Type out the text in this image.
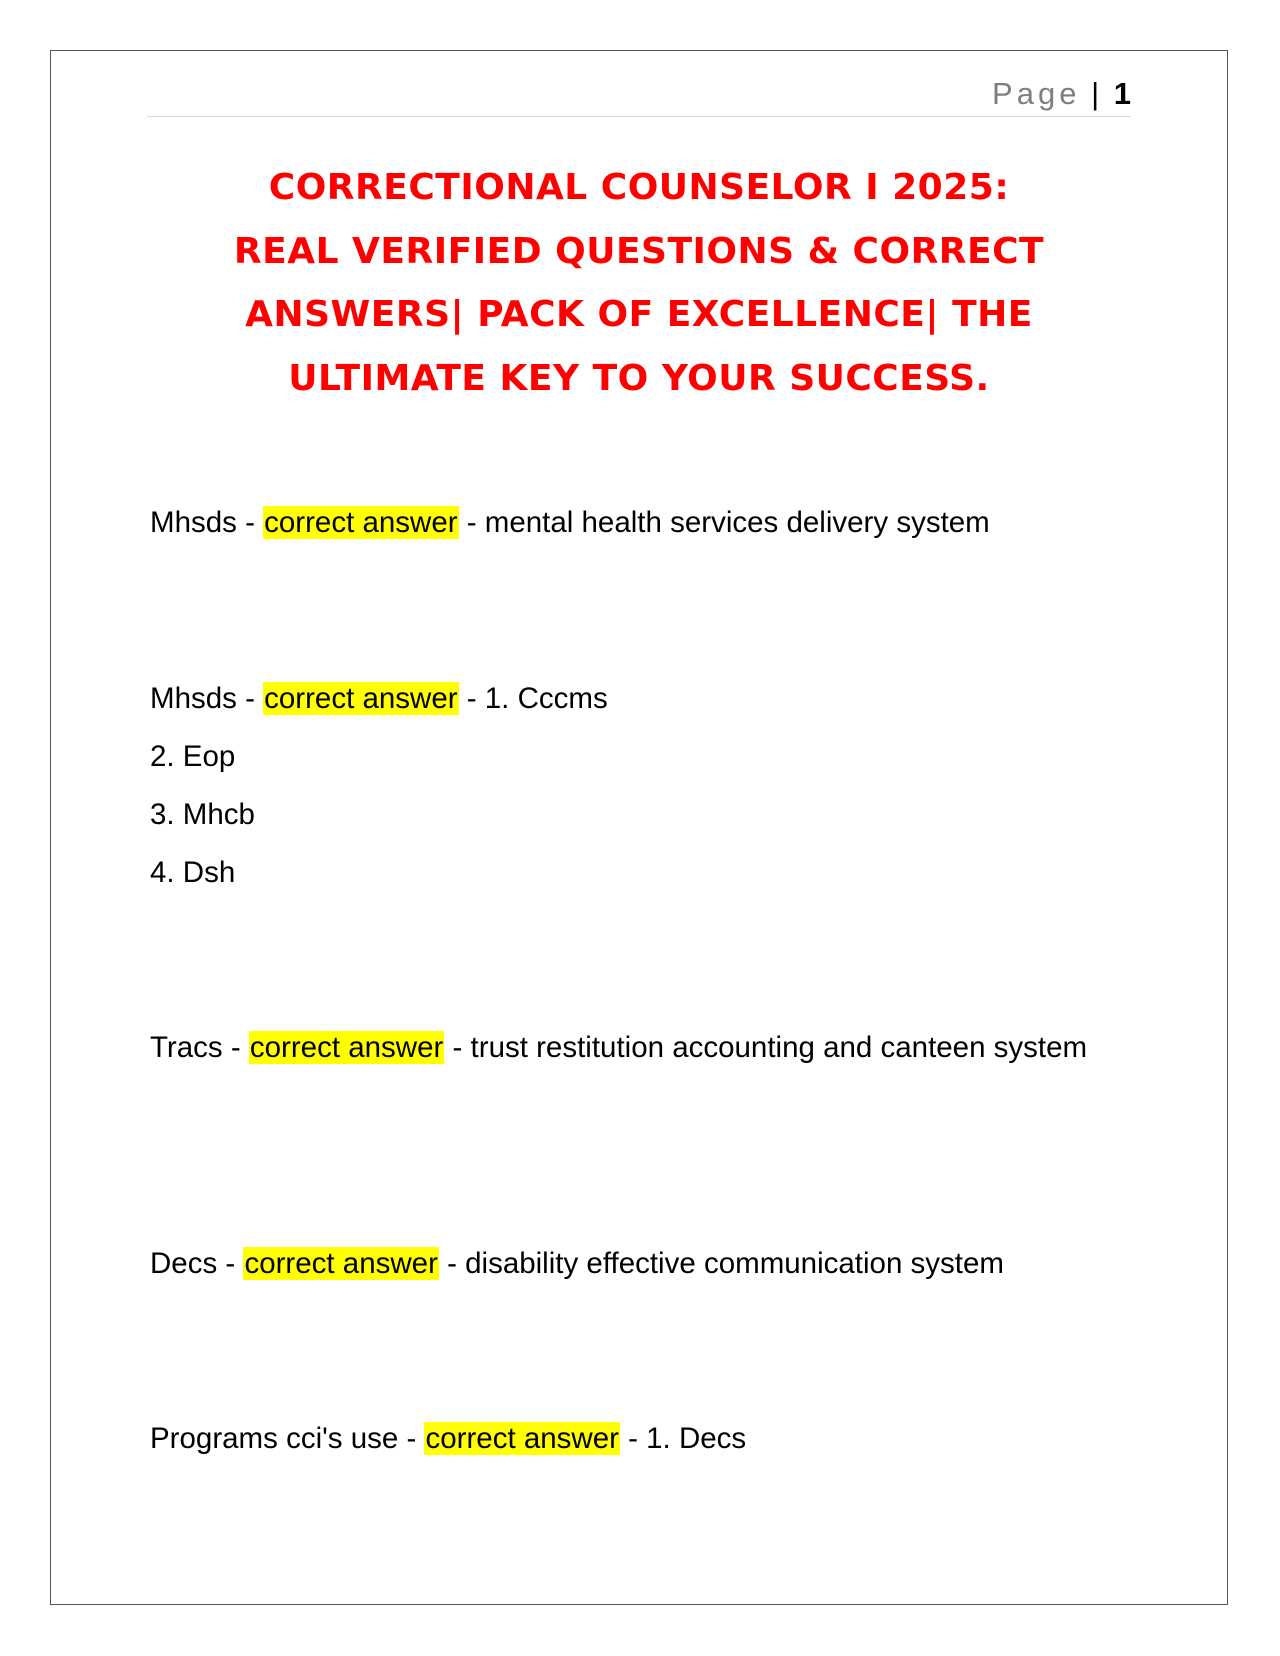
Page | 1
CORRECTIONAL COUNSELOR I 2025:
REAL VERIFIED QUESTIONS & CORRECT
ANSWERS| PACK OF EXCELLENCE| THE
ULTIMATE KEY TO YOUR SUCCESS.
Mhsds - correct answer - mental health services delivery system
Mhsds - correct answer - 1. Cccms
2. Eop
3. Mhcb
4. Dsh
Tracs - correct answer - trust restitution accounting and canteen system
Decs - correct answer - disability effective communication system
Programs cci's use - correct answer - 1. Decs
